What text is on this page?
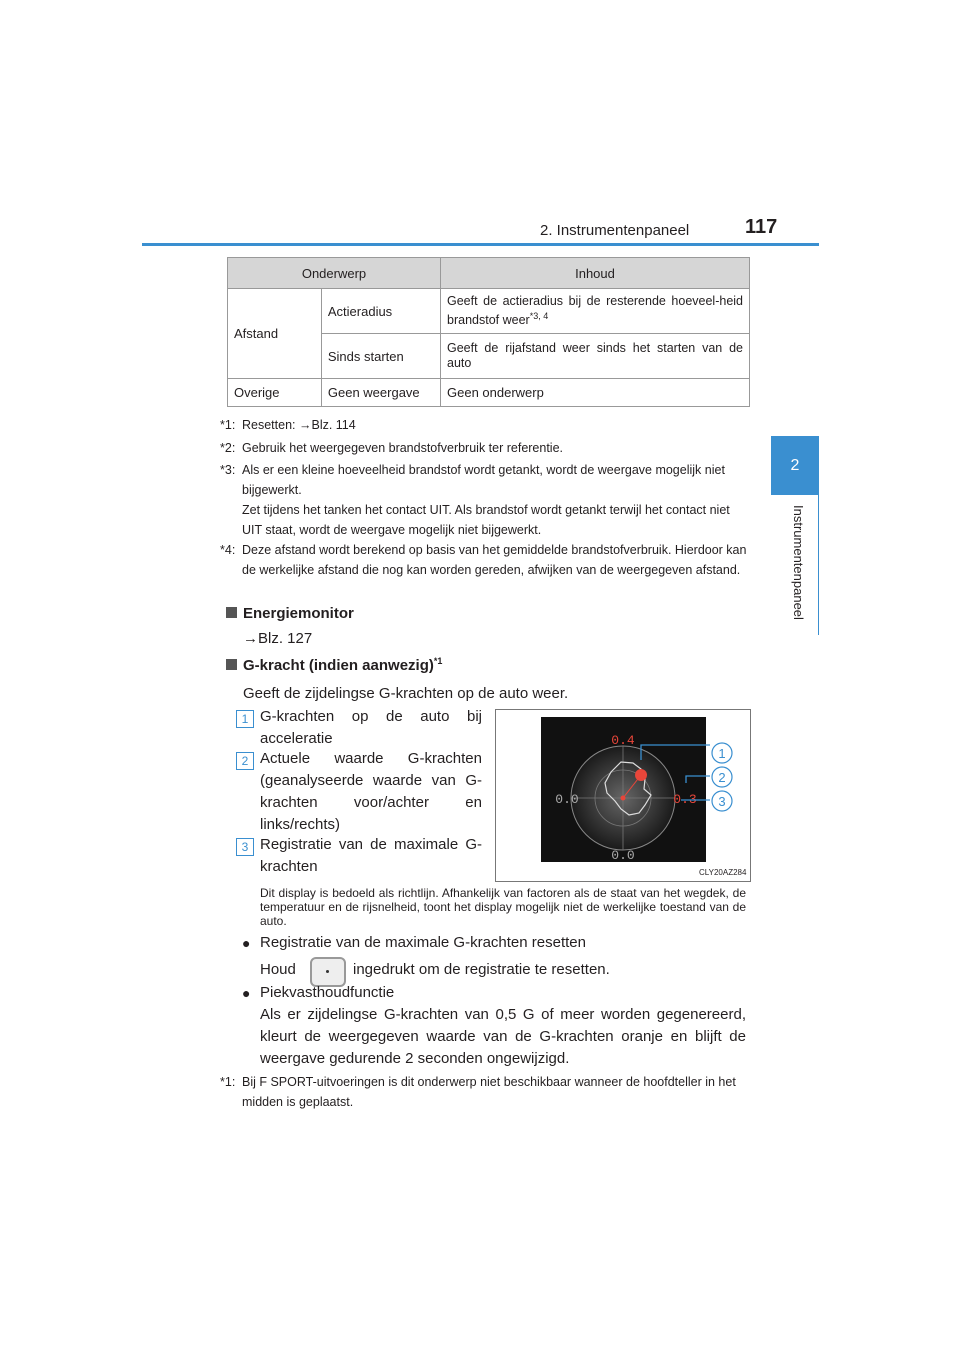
2. Instrumentenpaneel	117
2
Instrumentenpaneel
Onderwerp		Inhoud
Afstand	Actieradius	Geeft de actieradius bij de resterende hoeveel-heid brandstof weer$^{*3, 4}$
	Sinds starten	Geeft de rijafstand weer sinds het starten van de auto
Overige	Geen weergave	Geen onderwerp
*1: Resetten: →Blz. 114
*2: Gebruik het weergegeven brandstofverbruik ter referentie.
*3: Als er een kleine hoeveelheid brandstof wordt getankt, wordt de weergave mogelijk niet bijgewerkt.
Zet tijdens het tanken het contact UIT. Als brandstof wordt getankt terwijl het contact niet UIT staat, wordt de weergave mogelijk niet bijgewerkt.
*4: Deze afstand wordt berekend op basis van het gemiddelde brandstofverbruik. Hierdoor kan de werkelijke afstand die nog kan worden gereden, afwijken van de weergegeven afstand.
Energiemonitor
→Blz. 127
G-kracht (indien aanwezig)$^{*1}$
Geeft de zijdelingse G-krachten op de auto weer.
1 G-krachten op de auto bij acceleratie
2 Actuele waarde G-krachten (geanalyseerde waarde van G-krachten voor/achter en links/rechts)
3 Registratie van de maximale G-krachten
0.4
0.0	0.3
0.0
1
2
3
CLY20AZ284
Dit display is bedoeld als richtlijn. Afhankelijk van factoren als de staat van het wegdek, de temperatuur en de rijsnelheid, toont het display mogelijk niet de werkelijke toestand van de auto.
● Registratie van de maximale G-krachten resetten
Houd	ingedrukt om de registratie te resetten.
● Piekvasthoudfunctie
Als er zijdelingse G-krachten van 0,5 G of meer worden gegenereerd, kleurt de weergegeven waarde van de G-krachten oranje en blijft de weergave gedurende 2 seconden ongewijzigd.
*1: Bij F SPORT-uitvoeringen is dit onderwerp niet beschikbaar wanneer de hoofdteller in het midden is geplaatst.
